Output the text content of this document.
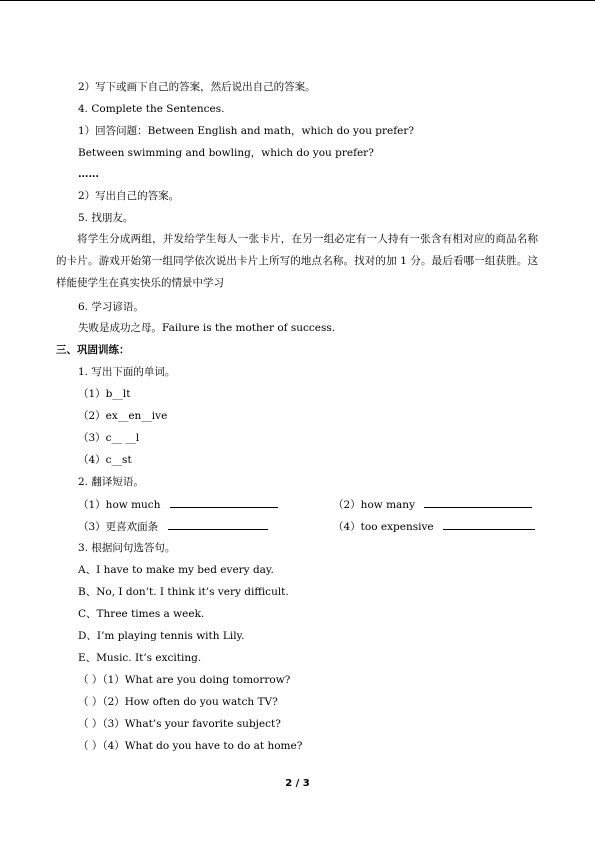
2）写下或画下自己的答案，然后说出自己的答案。
4. Complete the Sentences.
1）回答问题：Between English and math，which do you prefer?
Between swimming and bowling，which do you prefer?
……
2）写出自己的答案。
5. 找朋友。
将学生分成两组，并发给学生每人一张卡片，在另一组必定有一人持有一张含有相对应的商品名称的卡片。游戏开始第一组同学依次说出卡片上所写的地点名称。找对的加 1 分。最后看哪一组获胜。这样能使学生在真实快乐的情景中学习
6. 学习谚语。
失败是成功之母。Failure is the mother of success.
三、巩固训练：
1. 写出下面的单词。
（1）b__lt
（2）ex__en__ive
（3）c__ __l
（4）c__st
2. 翻译短语。
（1）how much	（2）how many
（3）更喜欢面条	（4）too expensive
3. 根据问句选答句。
A、I have to make my bed every day.
B、No, I don’t. I think it’s very difficult.
C、Three times a week.
D、I’m playing tennis with Lily.
E、Music. It’s exciting.
（ ）（1）What are you doing tomorrow?
（ ）（2）How often do you watch TV?
（ ）（3）What’s your favorite subject?
（ ）（4）What do you have to do at home?
2 / 3
